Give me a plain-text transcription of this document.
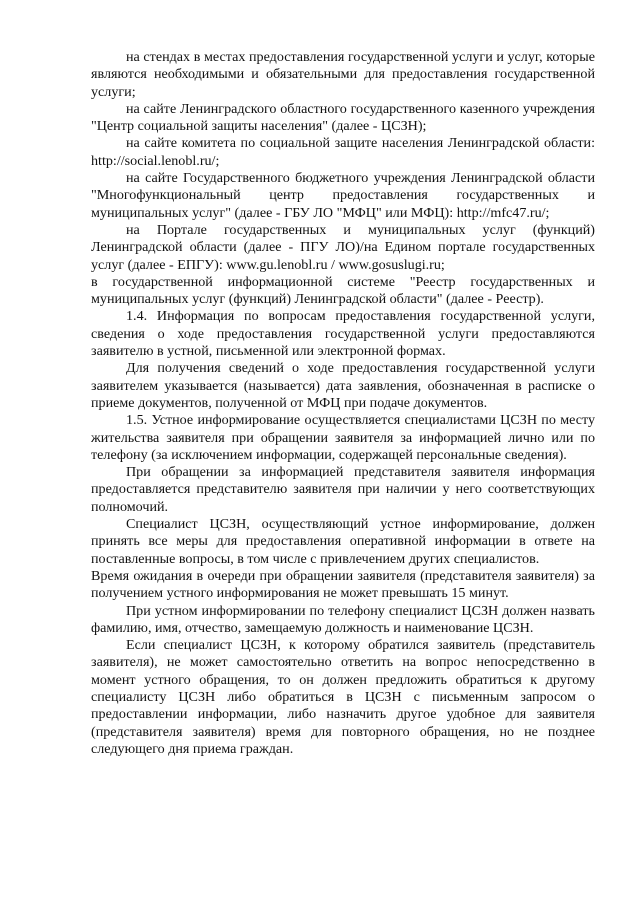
на стендах в местах предоставления государственной услуги и услуг, которые являются необходимыми и обязательными для предоставления государственной услуги;

на сайте Ленинградского областного государственного казенного учреждения "Центр социальной защиты населения" (далее - ЦСЗН);

на сайте комитета по социальной защите населения Ленинградской области: http://social.lenobl.ru/;

на сайте Государственного бюджетного учреждения Ленинградской области "Многофункциональный центр предоставления государственных и муниципальных услуг" (далее - ГБУ ЛО "МФЦ" или МФЦ): http://mfc47.ru/;

на Портале государственных и муниципальных услуг (функций) Ленинградской области (далее - ПГУ ЛО)/на Едином портале государственных услуг (далее - ЕПГУ): www.gu.lenobl.ru / www.gosuslugi.ru;

в государственной информационной системе "Реестр государственных и муниципальных услуг (функций) Ленинградской области" (далее - Реестр).

1.4. Информация по вопросам предоставления государственной услуги, сведения о ходе предоставления государственной услуги предоставляются заявителю в устной, письменной или электронной формах.

Для получения сведений о ходе предоставления государственной услуги заявителем указывается (называется) дата заявления, обозначенная в расписке о приеме документов, полученной от МФЦ при подаче документов.

1.5. Устное информирование осуществляется специалистами ЦСЗН по месту жительства заявителя при обращении заявителя за информацией лично или по телефону (за исключением информации, содержащей персональные сведения).

При обращении за информацией представителя заявителя информация предоставляется представителю заявителя при наличии у него соответствующих полномочий.

Специалист ЦСЗН, осуществляющий устное информирование, должен принять все меры для предоставления оперативной информации в ответе на поставленные вопросы, в том числе с привлечением других специалистов.

Время ожидания в очереди при обращении заявителя (представителя заявителя) за получением устного информирования не может превышать 15 минут.

При устном информировании по телефону специалист ЦСЗН должен назвать фамилию, имя, отчество, замещаемую должность и наименование ЦСЗН.

Если специалист ЦСЗН, к которому обратился заявитель (представитель заявителя), не может самостоятельно ответить на вопрос непосредственно в момент устного обращения, то он должен предложить обратиться к другому специалисту ЦСЗН либо обратиться в ЦСЗН с письменным запросом о предоставлении информации, либо назначить другое удобное для заявителя (представителя заявителя) время для повторного обращения, но не позднее следующего дня приема граждан.
